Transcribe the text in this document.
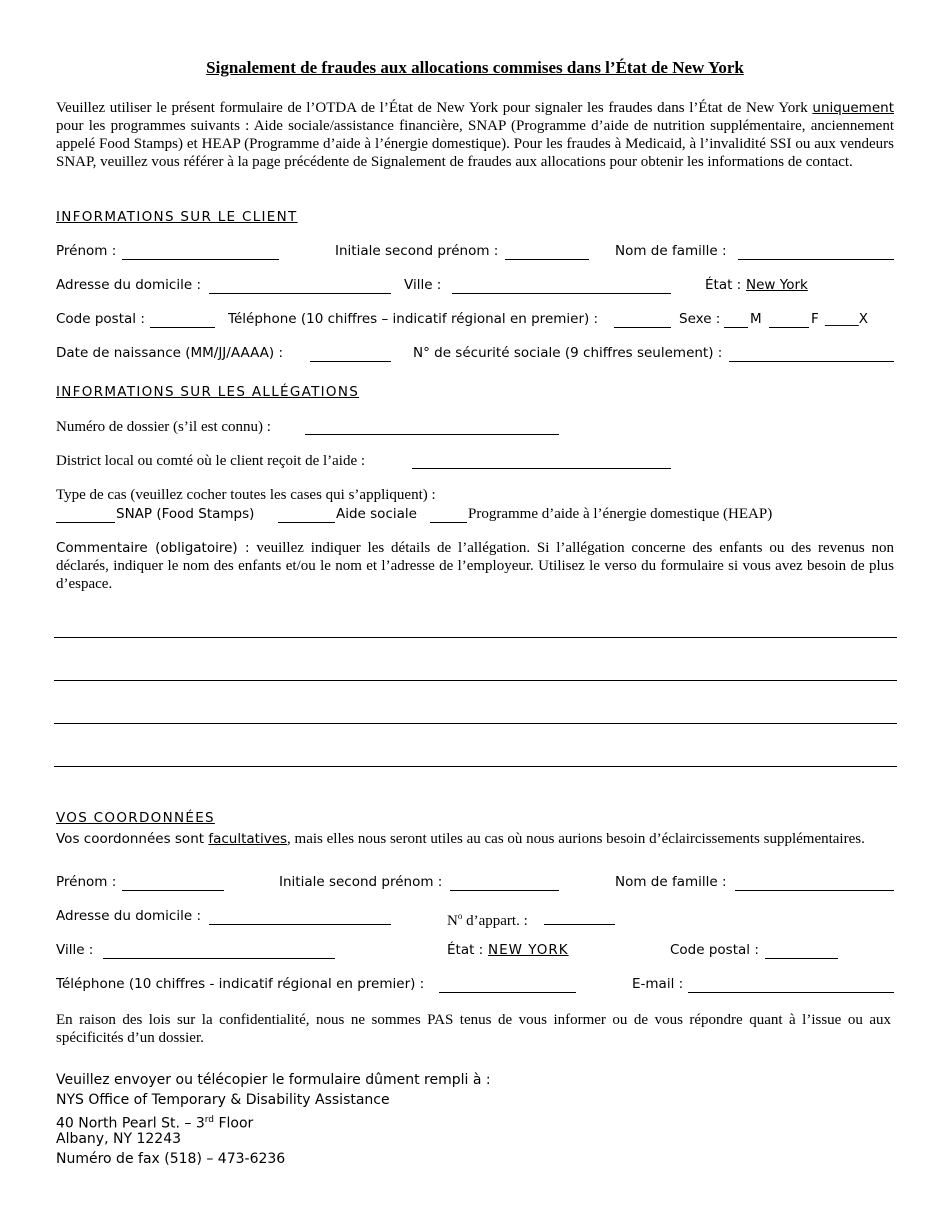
Signalement de fraudes aux allocations commises dans l’État de New York
Veuillez utiliser le présent formulaire de l’OTDA de l’État de New York pour signaler les fraudes dans l’État de New York uniquement pour les programmes suivants : Aide sociale/assistance financière, SNAP (Programme d’aide de nutrition supplémentaire, anciennement appelé Food Stamps) et HEAP (Programme d’aide à l’énergie domestique). Pour les fraudes à Medicaid, à l’invalidité SSI ou aux vendeurs SNAP, veuillez vous référer à la page précédente de Signalement de fraudes aux allocations pour obtenir les informations de contact.
INFORMATIONS SUR LE CLIENT
Prénom :	Initiale second prénom :	Nom de famille :
Adresse du domicile :	Ville :	État : New York
Code postal :	Téléphone (10 chiffres – indicatif régional en premier) :	Sexe : M	F _____X
Date de naissance (MM/JJ/AAAA) :	N° de sécurité sociale (9 chiffres seulement) :
INFORMATIONS SUR LES ALLÉGATIONS
Numéro de dossier (s’il est connu) :
District local ou comté où le client reçoit de l’aide :
Type de cas (veuillez cocher toutes les cases qui s’appliquent) :
SNAP (Food Stamps)	Aide sociale	Programme d’aide à l’énergie domestique (HEAP)
Commentaire (obligatoire) : veuillez indiquer les détails de l’allégation. Si l’allégation concerne des enfants ou des revenus non déclarés, indiquer le nom des enfants et/ou le nom et l’adresse de l’employeur. Utilisez le verso du formulaire si vous avez besoin de plus d’espace.
VOS COORDONNÉES
Vos coordonnées sont facultatives, mais elles nous seront utiles au cas où nous aurions besoin d’éclaircissements supplémentaires.
Prénom :	Initiale second prénom :	Nom de famille :
Adresse du domicile :	$N^o$ d’appart. :
Ville :	État : NEW YORK	Code postal :
Téléphone (10 chiffres - indicatif régional en premier) :	E-mail :
En raison des lois sur la confidentialité, nous ne sommes PAS tenus de vous informer ou de vous répondre quant à l’issue ou aux spécificités d’un dossier.
Veuillez envoyer ou télécopier le formulaire dûment rempli à :
NYS Office of Temporary & Disability Assistance
40 North Pearl St. – 3rd Floor
Albany, NY 12243
Numéro de fax (518) – 473-6236
